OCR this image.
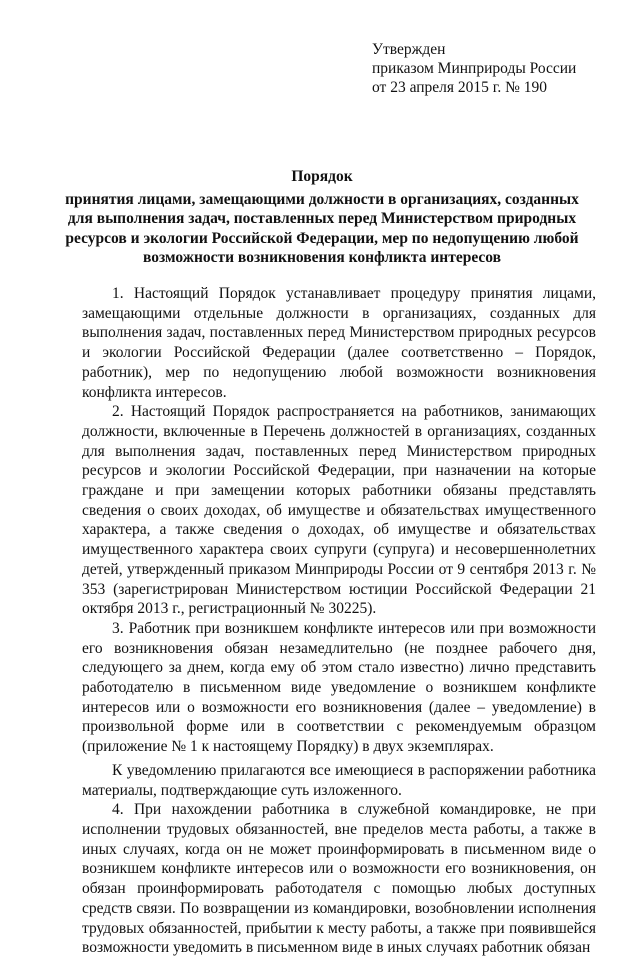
Утвержден
приказом Минприроды России
от 23 апреля 2015 г. № 190
Порядок
принятия лицами, замещающими должности в организациях, созданных
для выполнения задач, поставленных перед Министерством природных
ресурсов и экологии Российской Федерации, мер по недопущению любой
возможности возникновения конфликта интересов

1. Настоящий Порядок устанавливает процедуру принятия лицами, замещающими отдельные должности в организациях, созданных для выполнения задач, поставленных перед Министерством природных ресурсов и экологии Российской Федерации (далее соответственно – Порядок, работник), мер по недопущению любой возможности возникновения конфликта интересов.

2. Настоящий Порядок распространяется на работников, занимающих должности, включенные в Перечень должностей в организациях, созданных для выполнения задач, поставленных перед Министерством природных ресурсов и экологии Российской Федерации, при назначении на которые граждане и при замещении которых работники обязаны представлять сведения о своих доходах, об имуществе и обязательствах имущественного характера, а также сведения о доходах, об имуществе и обязательствах имущественного характера своих супруги (супруга) и несовершеннолетних детей, утвержденный приказом Минприроды России от 9 сентября 2013 г. № 353 (зарегистрирован Министерством юстиции Российской Федерации 21 октября 2013 г., регистрационный № 30225).

3. Работник при возникшем конфликте интересов или при возможности его возникновения обязан незамедлительно (не позднее рабочего дня, следующего за днем, когда ему об этом стало известно) лично представить работодателю в письменном виде уведомление о возникшем конфликте интересов или о возможности его возникновения (далее – уведомление) в произвольной форме или в соответствии с рекомендуемым образцом (приложение № 1 к настоящему Порядку) в двух экземплярах.

К уведомлению прилагаются все имеющиеся в распоряжении работника материалы, подтверждающие суть изложенного.

4. При нахождении работника в служебной командировке, не при исполнении трудовых обязанностей, вне пределов места работы, а также в иных случаях, когда он не может проинформировать в письменном виде о возникшем конфликте интересов или о возможности его возникновения, он обязан проинформировать работодателя с помощью любых доступных средств связи. По возвращении из командировки, возобновлении исполнения трудовых обязанностей, прибытии к месту работы, а также при появившейся возможности уведомить в письменном виде в иных случаях работник обязан
